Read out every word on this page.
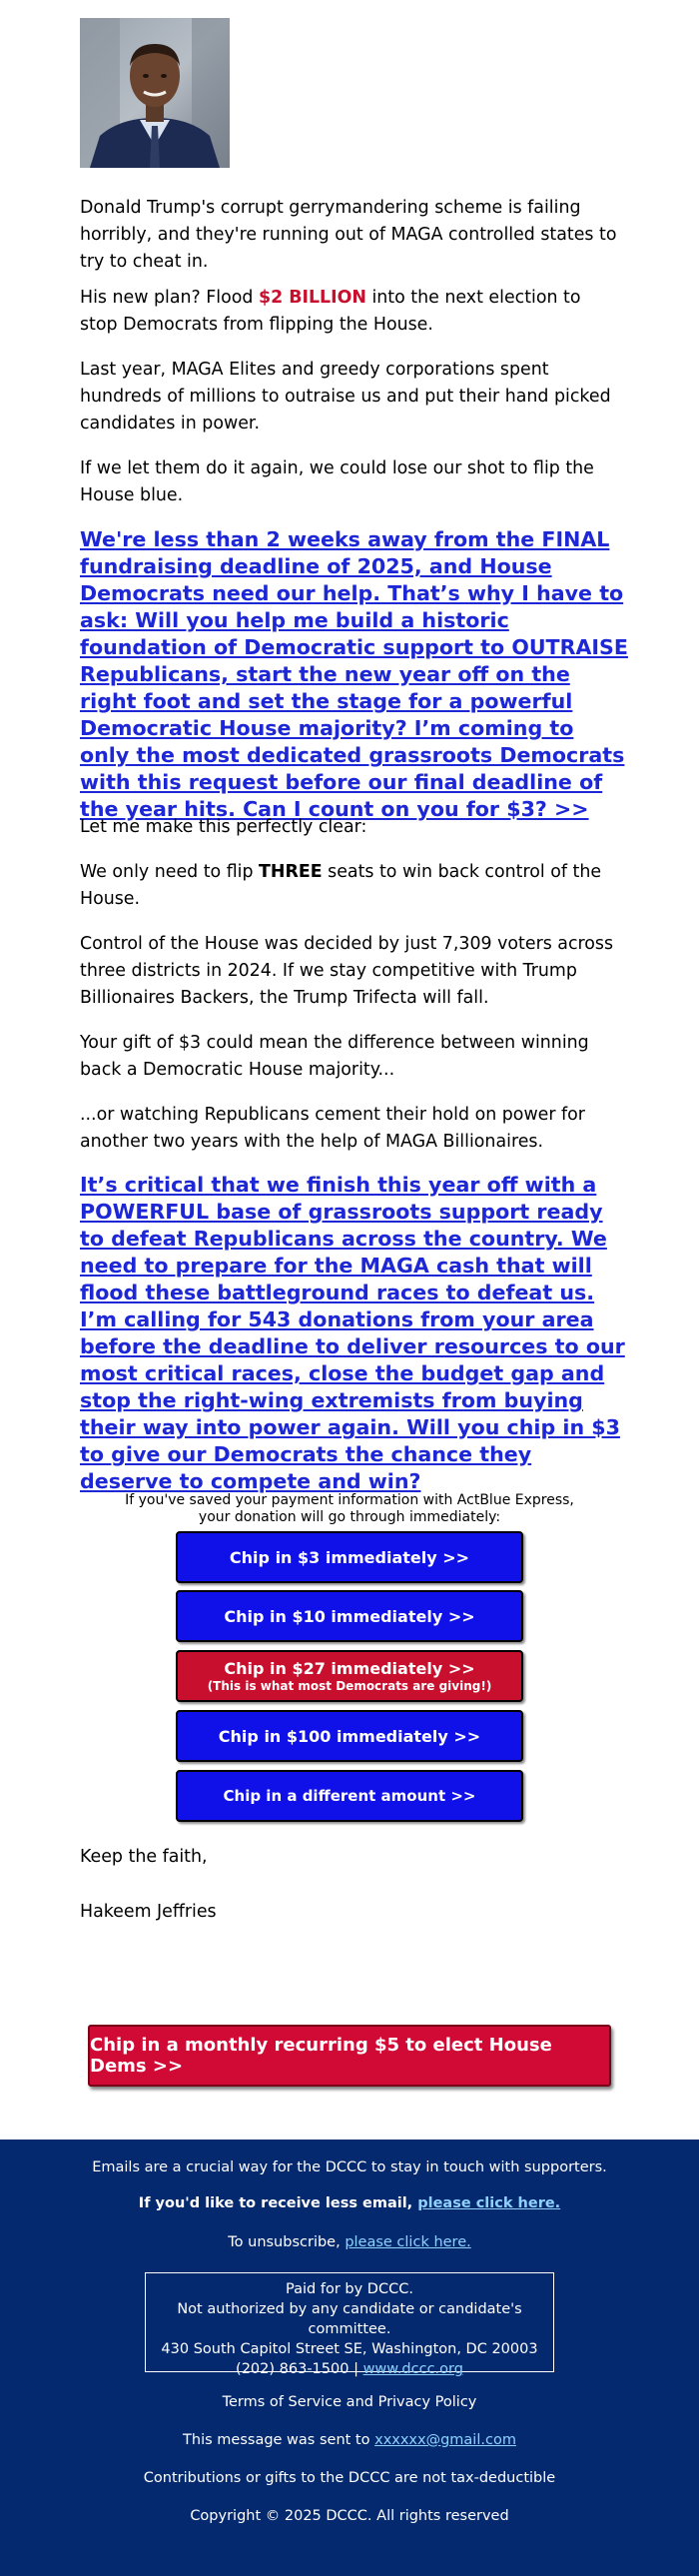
Donald Trump's corrupt gerrymandering scheme is failing horribly, and they're running out of MAGA controlled states to try to cheat in.

His new plan? Flood $2 BILLION into the next election to stop Democrats from flipping the House.

Last year, MAGA Elites and greedy corporations spent hundreds of millions to outraise us and put their hand picked candidates in power.

If we let them do it again, we could lose our shot to flip the House blue.

We're less than 2 weeks away from the FINAL fundraising deadline of 2025, and House Democrats need our help. That’s why I have to ask: Will you help me build a historic foundation of Democratic support to OUTRAISE Republicans, start the new year off on the right foot and set the stage for a powerful Democratic House majority? I’m coming to only the most dedicated grassroots Democrats with this request before our final deadline of the year hits. Can I count on you for $3? >>

Let me make this perfectly clear:

We only need to flip THREE seats to win back control of the House.

Control of the House was decided by just 7,309 voters across three districts in 2024. If we stay competitive with Trump Billionaires Backers, the Trump Trifecta will fall.

Your gift of $3 could mean the difference between winning back a Democratic House majority...

...or watching Republicans cement their hold on power for another two years with the help of MAGA Billionaires.

It’s critical that we finish this year off with a POWERFUL base of grassroots support ready to defeat Republicans across the country. We need to prepare for the MAGA cash that will flood these battleground races to defeat us. I’m calling for 543 donations from your area before the deadline to deliver resources to our most critical races, close the budget gap and stop the right-wing extremists from buying their way into power again. Will you chip in $3 to give our Democrats the chance they deserve to compete and win?

If you've saved your payment information with ActBlue Express, your donation will go through immediately:

Chip in $3 immediately >>
Chip in $10 immediately >>
Chip in $27 immediately >>
(This is what most Democrats are giving!)
Chip in $100 immediately >>
Chip in a different amount >>

Keep the faith,

Hakeem Jeffries

Chip in a monthly recurring $5 to elect House Dems >>

Emails are a crucial way for the DCCC to stay in touch with supporters.

If you'd like to receive less email, please click here.

To unsubscribe, please click here.

Paid for by DCCC.

Not authorized by any candidate or candidate's committee.

430 South Capitol Street SE, Washington, DC 20003

(202) 863-1500 | www.dccc.org

Terms of Service and Privacy Policy

This message was sent to xxxxxx@gmail.com

Contributions or gifts to the DCCC are not tax-deductible

Copyright © 2025 DCCC. All rights reserved
